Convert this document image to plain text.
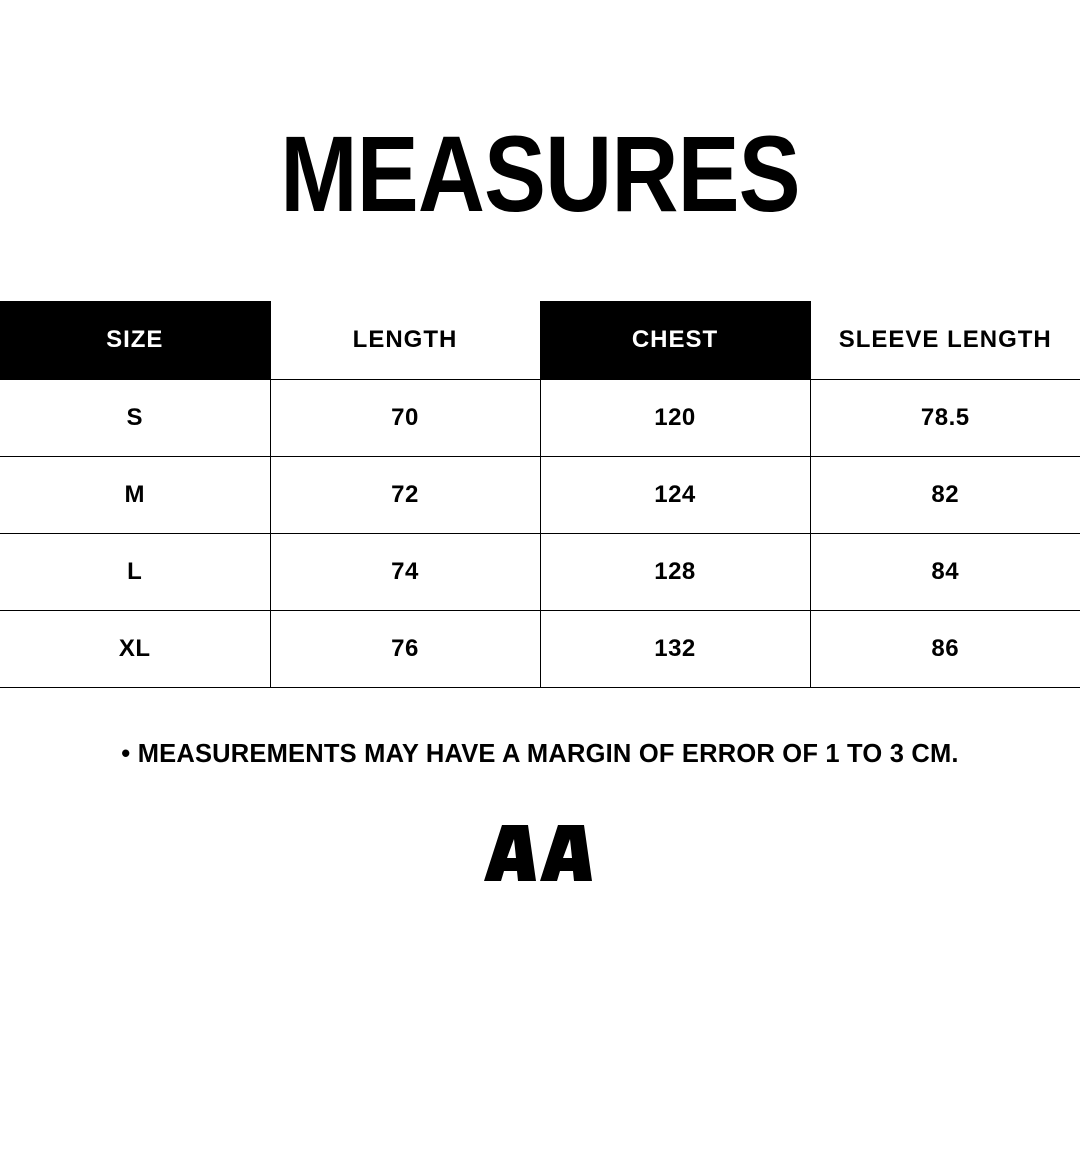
MEASURES
SIZE	LENGTH	CHEST	SLEEVE LENGTH
S	70	120	78.5
M	72	124	82
L	74	128	84
XL	76	132	86
• MEASUREMENTS MAY HAVE A MARGIN OF ERROR OF 1 TO 3 CM.
